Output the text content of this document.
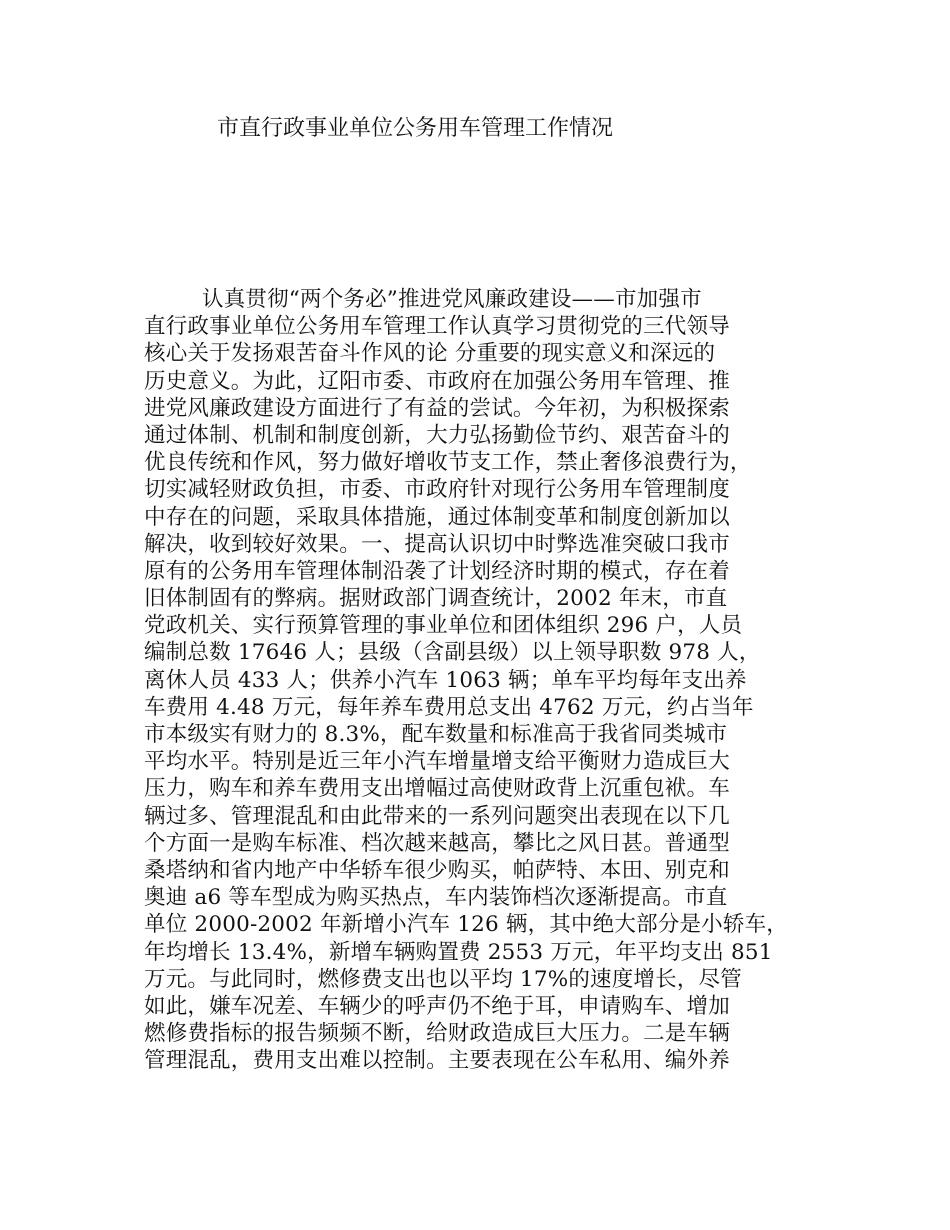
市直行政事业单位公务用车管理工作情况
认真贯彻“两个务必”推进党风廉政建设——市加强市
直行政事业单位公务用车管理工作认真学习贯彻党的三代领导
核心关于发扬艰苦奋斗作风的论 分重要的现实意义和深远的
历史意义。为此，辽阳市委、市政府在加强公务用车管理、推
进党风廉政建设方面进行了有益的尝试。今年初，为积极探索
通过体制、机制和制度创新，大力弘扬勤俭节约、艰苦奋斗的
优良传统和作风，努力做好增收节支工作，禁止奢侈浪费行为，
切实减轻财政负担，市委、市政府针对现行公务用车管理制度
中存在的问题，采取具体措施，通过体制变革和制度创新加以
解决，收到较好效果。一、提高认识切中时弊选准突破口我市
原有的公务用车管理体制沿袭了计划经济时期的模式，存在着
旧体制固有的弊病。据财政部门调查统计，2002 年末，市直
党政机关、实行预算管理的事业单位和团体组织 296 户，人员
编制总数 17646 人；县级（含副县级）以上领导职数 978 人，
离休人员 433 人；供养小汽车 1063 辆；单车平均每年支出养
车费用 4.48 万元，每年养车费用总支出 4762 万元，约占当年
市本级实有财力的 8.3%，配车数量和标准高于我省同类城市
平均水平。特别是近三年小汽车增量增支给平衡财力造成巨大
压力，购车和养车费用支出增幅过高使财政背上沉重包袱。车
辆过多、管理混乱和由此带来的一系列问题突出表现在以下几
个方面一是购车标准、档次越来越高，攀比之风日甚。普通型
桑塔纳和省内地产中华轿车很少购买，帕萨特、本田、别克和
奥迪 a6 等车型成为购买热点，车内装饰档次逐渐提高。市直
单位 2000-2002 年新增小汽车 126 辆，其中绝大部分是小轿车，
年均增长 13.4%，新增车辆购置费 2553 万元，年平均支出 851
万元。与此同时，燃修费支出也以平均 17%的速度增长，尽管
如此，嫌车况差、车辆少的呼声仍不绝于耳，申请购车、增加
燃修费指标的报告频频不断，给财政造成巨大压力。二是车辆
管理混乱，费用支出难以控制。主要表现在公车私用、编外养
